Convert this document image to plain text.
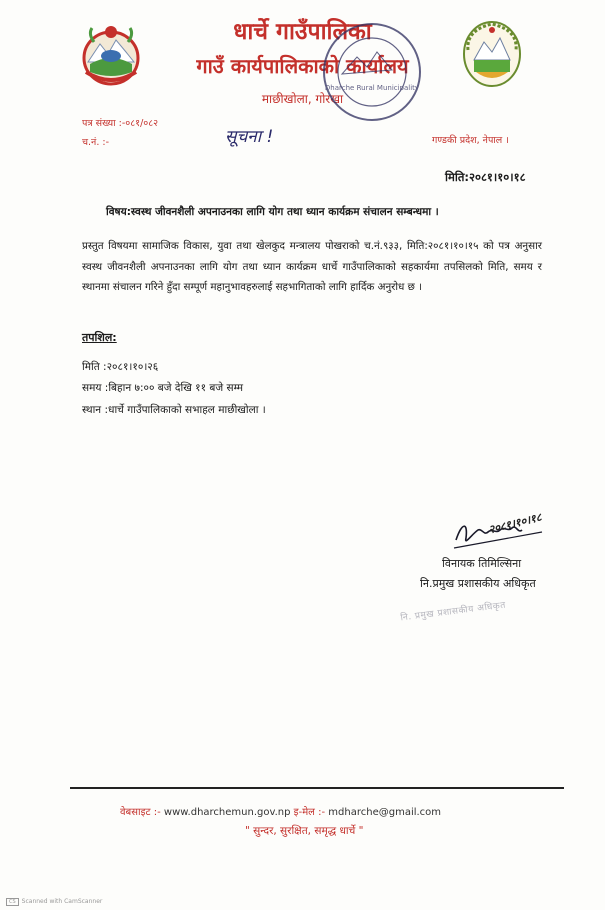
धार्चे गाउँपालिका
गाउँ कार्यपालिकाको कार्यालय
माछीखोला, गोरखा
Dharche Rural Municipality
पत्र संख्या :-०८१/०८२
च.नं. :-	सूचना !	गण्डकी प्रदेश, नेपाल ।
मिति:२०८१।१०।१८
विषय:स्वस्थ जीवनशैली अपनाउनका लागि योग तथा ध्यान कार्यक्रम संचालन सम्बन्धमा ।
प्रस्तुत विषयमा सामाजिक विकास, युवा तथा खेलकुद मन्त्रालय पोखराको च.नं.९३३, मिति:२०८१।१०।१५ को पत्र अनुसार स्वस्थ जीवनशैली अपनाउनका लागि योग तथा ध्यान कार्यक्रम धार्चे गाउँपालिकाको सहकार्यमा तपसिलको मिति, समय र स्थानमा संचालन गरिने हुँदा सम्पूर्ण महानुभावहरुलाई सहभागिताको लागि हार्दिक अनुरोध छ ।
तपशिल:
मिति :२०८१।१०।२६
समय :बिहान ७:०० बजे देखि ११ बजे सम्म
स्थान :धार्चे गाउँपालिकाको सभाहल माछीखोला ।
२०८१।१०।१८
विनायक तिमिल्सिना
नि.प्रमुख प्रशासकीय अधिकृत
नि. प्रमुख प्रशासकीय अधिकृत
वेबसाइट :- www.dharchemun.gov.np इ-मेल :- mdharche@gmail.com
" सुन्दर, सुरक्षित, समृद्ध धार्चे "
CS Scanned with CamScanner
